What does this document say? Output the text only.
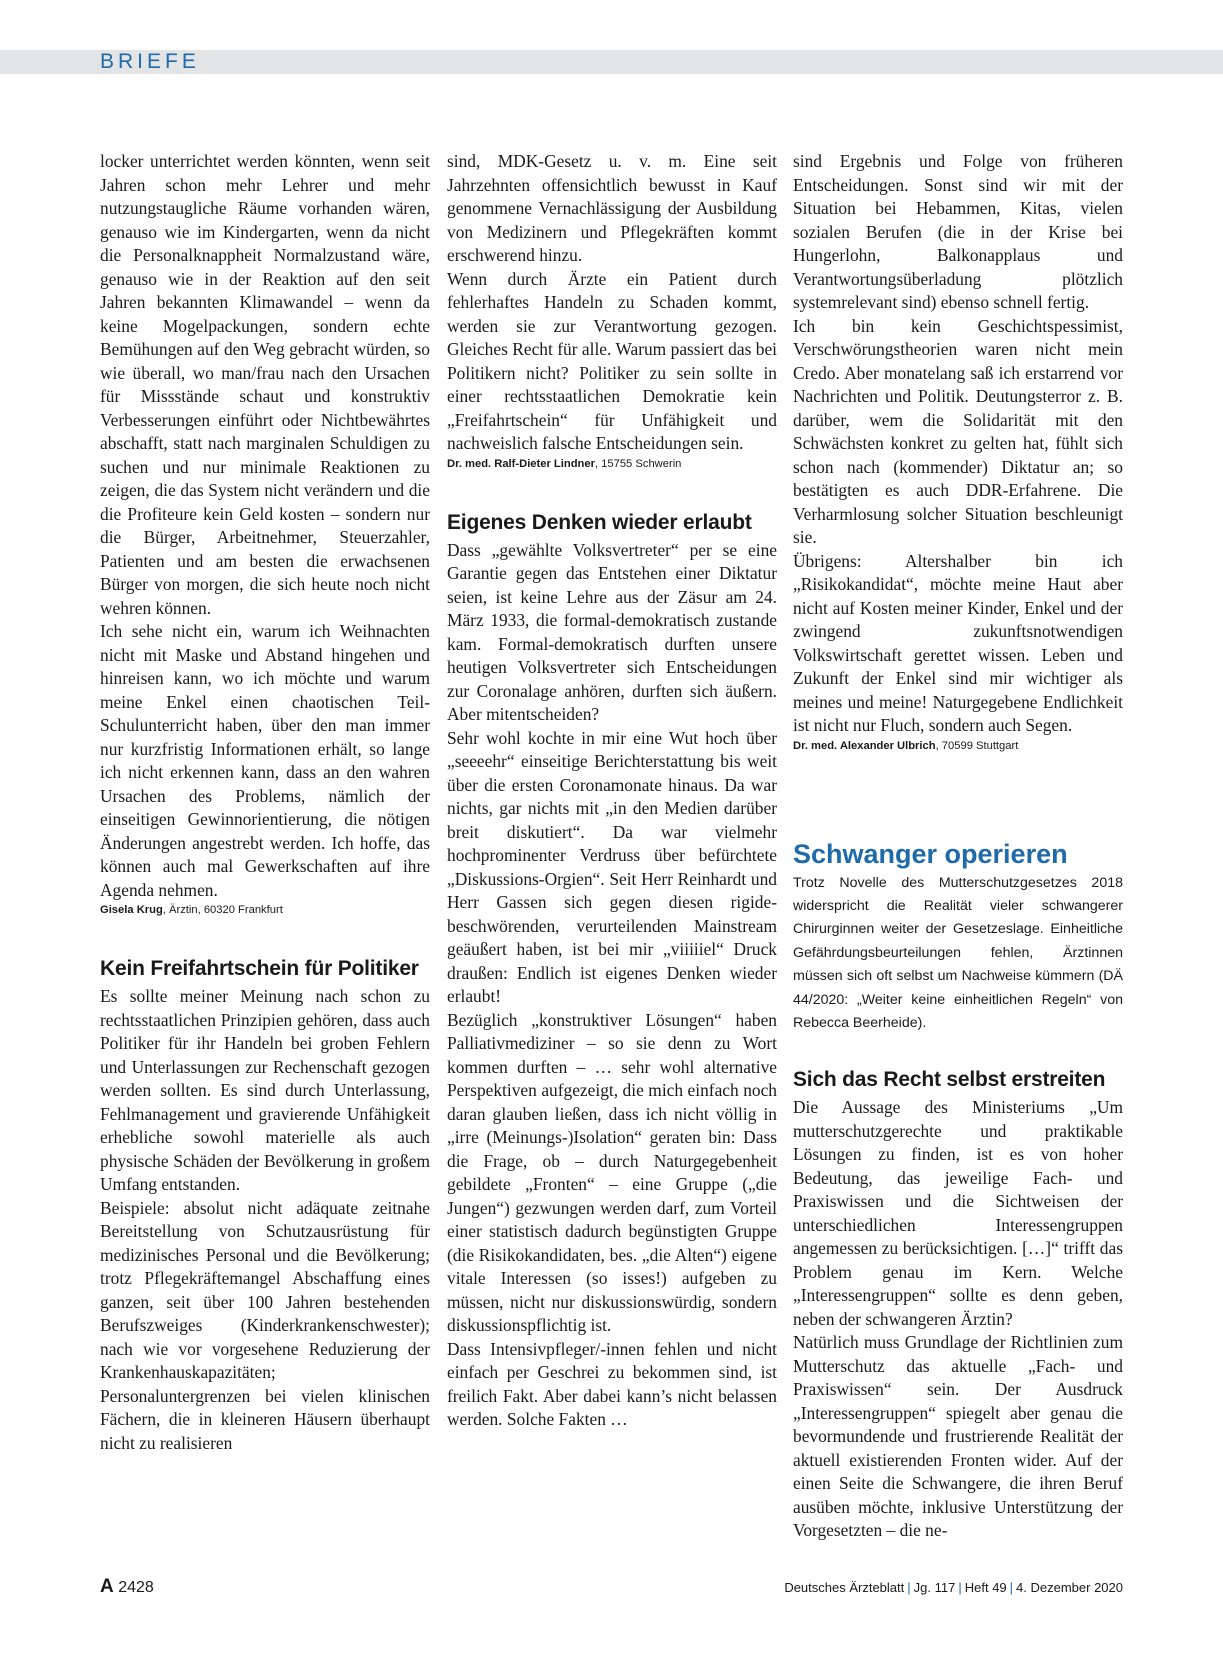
BRIEFE

locker unterrichtet werden könnten, wenn seit Jahren schon mehr Lehrer und mehr nutzungstaugliche Räume vorhanden wären, genauso wie im Kindergarten, wenn da nicht die Personalknappheit Normalzustand wäre, genauso wie in der Reaktion auf den seit Jahren bekannten Klimawandel – wenn da keine Mogelpackungen, sondern echte Bemühungen auf den Weg gebracht würden, so wie überall, wo man/frau nach den Ursachen für Missstände schaut und konstruktiv Verbesserungen einführt oder Nichtbewährtes abschafft, statt nach marginalen Schuldigen zu suchen und nur minimale Reaktionen zu zeigen, die das System nicht verändern und die die Profiteure kein Geld kosten – sondern nur die Bürger, Arbeitnehmer, Steuerzahler, Patienten und am besten die erwachsenen Bürger von morgen, die sich heute noch nicht wehren können.

Ich sehe nicht ein, warum ich Weihnachten nicht mit Maske und Abstand hingehen und hinreisen kann, wo ich möchte und warum meine Enkel einen chaotischen Teil-Schulunterricht haben, über den man immer nur kurzfristig Informationen erhält, so lange ich nicht erkennen kann, dass an den wahren Ursachen des Problems, nämlich der einseitigen Gewinnorientierung, die nötigen Änderungen angestrebt werden. Ich hoffe, das können auch mal Gewerkschaften auf ihre Agenda nehmen.

Gisela Krug, Ärztin, 60320 Frankfurt

Kein Freifahrtschein für Politiker

Es sollte meiner Meinung nach schon zu rechtsstaatlichen Prinzipien gehören, dass auch Politiker für ihr Handeln bei groben Fehlern und Unterlassungen zur Rechenschaft gezogen werden sollten. Es sind durch Unterlassung, Fehlmanagement und gravierende Unfähigkeit erhebliche sowohl materielle als auch physische Schäden der Bevölkerung in großem Umfang entstanden.

Beispiele: absolut nicht adäquate zeitnahe Bereitstellung von Schutzausrüstung für medizinisches Personal und die Bevölkerung; trotz Pflegekräftemangel Abschaffung eines ganzen, seit über 100 Jahren bestehenden Berufszweiges (Kinderkrankenschwester); nach wie vor vorgesehene Reduzierung der Krankenhauskapazitäten; Personaluntergrenzen bei vielen klinischen Fächern, die in kleineren Häusern überhaupt nicht zu realisieren

sind, MDK-Gesetz u. v. m. Eine seit Jahrzehnten offensichtlich bewusst in Kauf genommene Vernachlässigung der Ausbildung von Medizinern und Pflegekräften kommt erschwerend hinzu.

Wenn durch Ärzte ein Patient durch fehlerhaftes Handeln zu Schaden kommt, werden sie zur Verantwortung gezogen. Gleiches Recht für alle. Warum passiert das bei Politikern nicht? Politiker zu sein sollte in einer rechtsstaatlichen Demokratie kein „Freifahrtschein“ für Unfähigkeit und nachweislich falsche Entscheidungen sein.

Dr. med. Ralf-Dieter Lindner, 15755 Schwerin

Eigenes Denken wieder erlaubt

Dass „gewählte Volksvertreter“ per se eine Garantie gegen das Entstehen einer Diktatur seien, ist keine Lehre aus der Zäsur am 24. März 1933, die formal-demokratisch zustande kam. Formal-demokratisch durften unsere heutigen Volksvertreter sich Entscheidungen zur Coronalage anhören, durften sich äußern. Aber mitentscheiden?

Sehr wohl kochte in mir eine Wut hoch über „seeeehr“ einseitige Berichterstattung bis weit über die ersten Coronamonate hinaus. Da war nichts, gar nichts mit „in den Medien darüber breit diskutiert“. Da war vielmehr hochprominenter Verdruss über befürchtete „Diskussions-Orgien“. Seit Herr Reinhardt und Herr Gassen sich gegen diesen rigide-beschwörenden, verurteilenden Mainstream geäußert haben, ist bei mir „viiiiiel“ Druck draußen: Endlich ist eigenes Denken wieder erlaubt!

Bezüglich „konstruktiver Lösungen“ haben Palliativmediziner – so sie denn zu Wort kommen durften – … sehr wohl alternative Perspektiven aufgezeigt, die mich einfach noch daran glauben ließen, dass ich nicht völlig in „irre (Meinungs-)Isolation“ geraten bin: Dass die Frage, ob – durch Naturgegebenheit gebildete „Fronten“ – eine Gruppe („die Jungen“) gezwungen werden darf, zum Vorteil einer statistisch dadurch begünstigten Gruppe (die Risikokandidaten, bes. „die Alten“) eigene vitale Interessen (so isses!) aufgeben zu müssen, nicht nur diskussionswürdig, sondern diskussionspflichtig ist.

Dass Intensivpfleger/-innen fehlen und nicht einfach per Geschrei zu bekommen sind, ist freilich Fakt. Aber dabei kann’s nicht belassen werden. Solche Fakten …

sind Ergebnis und Folge von früheren Entscheidungen. Sonst sind wir mit der Situation bei Hebammen, Kitas, vielen sozialen Berufen (die in der Krise bei Hungerlohn, Balkonapplaus und Verantwortungsüberladung plötzlich systemrelevant sind) ebenso schnell fertig.

Ich bin kein Geschichtspessimist, Verschwörungstheorien waren nicht mein Credo. Aber monatelang saß ich erstarrend vor Nachrichten und Politik. Deutungsterror z. B. darüber, wem die Solidarität mit den Schwächsten konkret zu gelten hat, fühlt sich schon nach (kommender) Diktatur an; so bestätigten es auch DDR-Erfahrene. Die Verharmlosung solcher Situation beschleunigt sie.

Übrigens: Altershalber bin ich „Risikokandidat“, möchte meine Haut aber nicht auf Kosten meiner Kinder, Enkel und der zwingend zukunftsnotwendigen Volkswirtschaft gerettet wissen. Leben und Zukunft der Enkel sind mir wichtiger als meines und meine! Naturgegebene Endlichkeit ist nicht nur Fluch, sondern auch Segen.

Dr. med. Alexander Ulbrich, 70599 Stuttgart

Schwanger operieren

Trotz Novelle des Mutterschutzgesetzes 2018 widerspricht die Realität vieler schwangerer Chirurginnen weiter der Gesetzeslage. Einheitliche Gefährdungsbeurteilungen fehlen, Ärztinnen müssen sich oft selbst um Nachweise kümmern (DÄ 44/2020: „Weiter keine einheitlichen Regeln“ von Rebecca Beerheide).

Sich das Recht selbst erstreiten

Die Aussage des Ministeriums „Um mutterschutzgerechte und praktikable Lösungen zu finden, ist es von hoher Bedeutung, das jeweilige Fach- und Praxiswissen und die Sichtweisen der unterschiedlichen Interessengruppen angemessen zu berücksichtigen. […]“ trifft das Problem genau im Kern. Welche „Interessengruppen“ sollte es denn geben, neben der schwangeren Ärztin?

Natürlich muss Grundlage der Richtlinien zum Mutterschutz das aktuelle „Fach- und Praxiswissen“ sein. Der Ausdruck „Interessengruppen“ spiegelt aber genau die bevormundende und frustrierende Realität der aktuell existierenden Fronten wider. Auf der einen Seite die Schwangere, die ihren Beruf ausüben möchte, inklusive Unterstützung der Vorgesetzten – die ne-

A 2428	Deutsches Ärzteblatt | Jg. 117 | Heft 49 | 4. Dezember 2020
